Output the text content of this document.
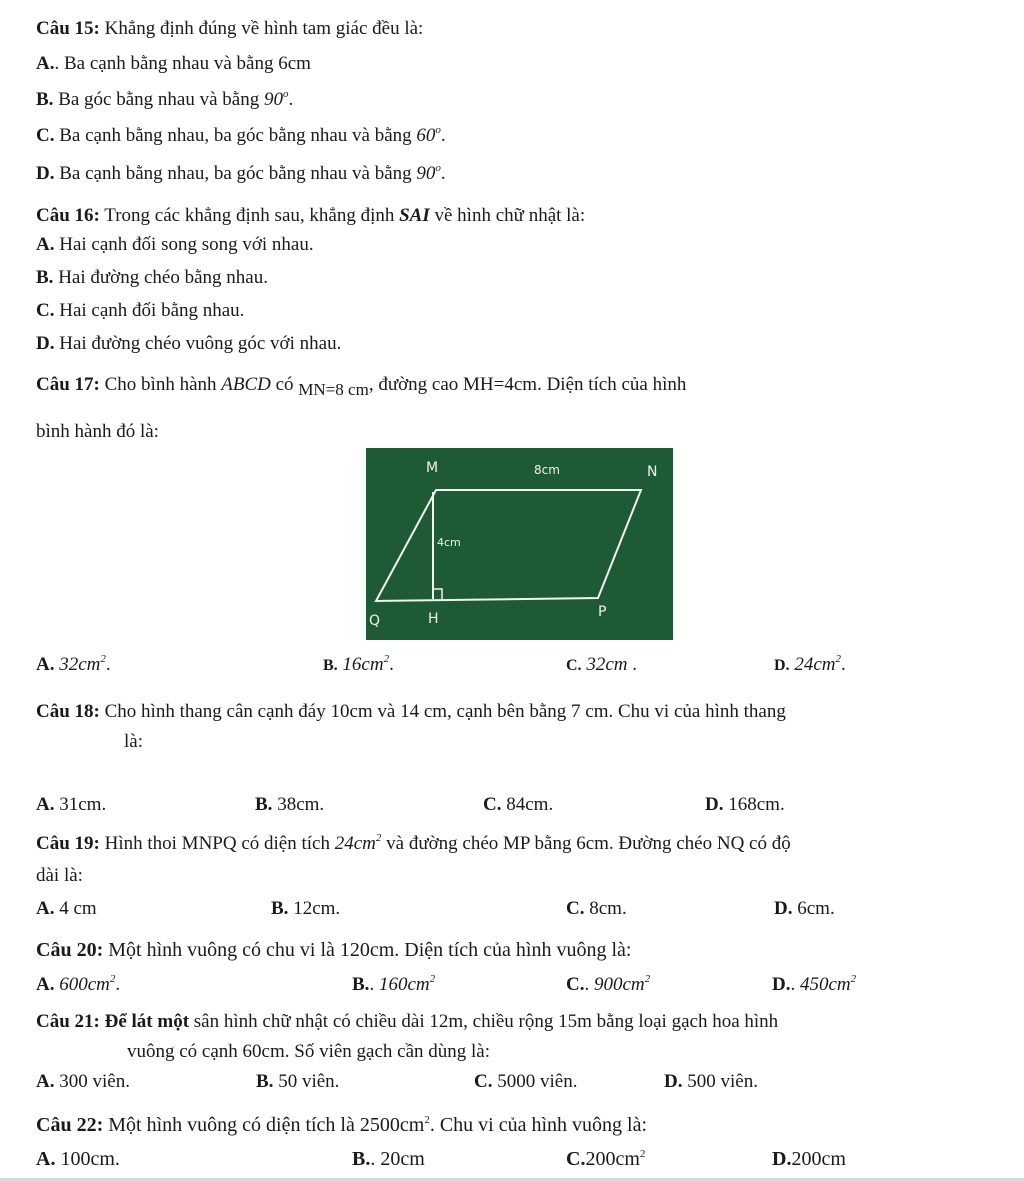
Câu 15: Khẳng định đúng về hình tam giác đều là:
A.. Ba cạnh bằng nhau và bằng 6cm
B. Ba góc bằng nhau và bằng 90$^o$.
C. Ba cạnh bằng nhau, ba góc bằng nhau và bằng 60$^o$.
D. Ba cạnh bằng nhau, ba góc bằng nhau và bằng 90$^o$.
Câu 16: Trong các khẳng định sau, khẳng định SAI về hình chữ nhật là:
A. Hai cạnh đối song song với nhau.
B. Hai đường chéo bằng nhau.
C. Hai cạnh đối bằng nhau.
D. Hai đường chéo vuông góc với nhau.
Câu 17: Cho bình hành ABCD có MN=8 cm, đường cao MH=4cm. Diện tích của hình
bình hành đó là:
M	8cm	N
4cm
Q	H	P
A. $32cm^2$.	B. $16cm^2$.	C. 32cm .	D. $24cm^2$.
Câu 18: Cho hình thang cân cạnh đáy 10cm và 14 cm, cạnh bên bằng 7 cm. Chu vi của hình thang
là:
A. 31cm.	B. 38cm.	C. 84cm.	D. 168cm.
Câu 19: Hình thoi MNPQ có diện tích $24cm^2$ và đường chéo MP bằng 6cm. Đường chéo NQ có độ
dài là:
A. 4 cm	B. 12cm.	C. 8cm.	D. 6cm.
Câu 20: Một hình vuông có chu vi là 120cm. Diện tích của hình vuông là:
A. $600cm^2$.	B.. $160cm^2$	C.. $900cm^2$	D.. $450cm^2$
Câu 21: Để lát một sân hình chữ nhật có chiều dài 12m, chiều rộng 15m bằng loại gạch hoa hình
vuông có cạnh 60cm. Số viên gạch cần dùng là:
A. 300 viên.	B. 50 viên.	C. 5000 viên.	D. 500 viên.
Câu 22: Một hình vuông có diện tích là $2500cm^2$. Chu vi của hình vuông là:
A. 100cm.	B.. 20cm	$C.200cm^2$	D.200cm
